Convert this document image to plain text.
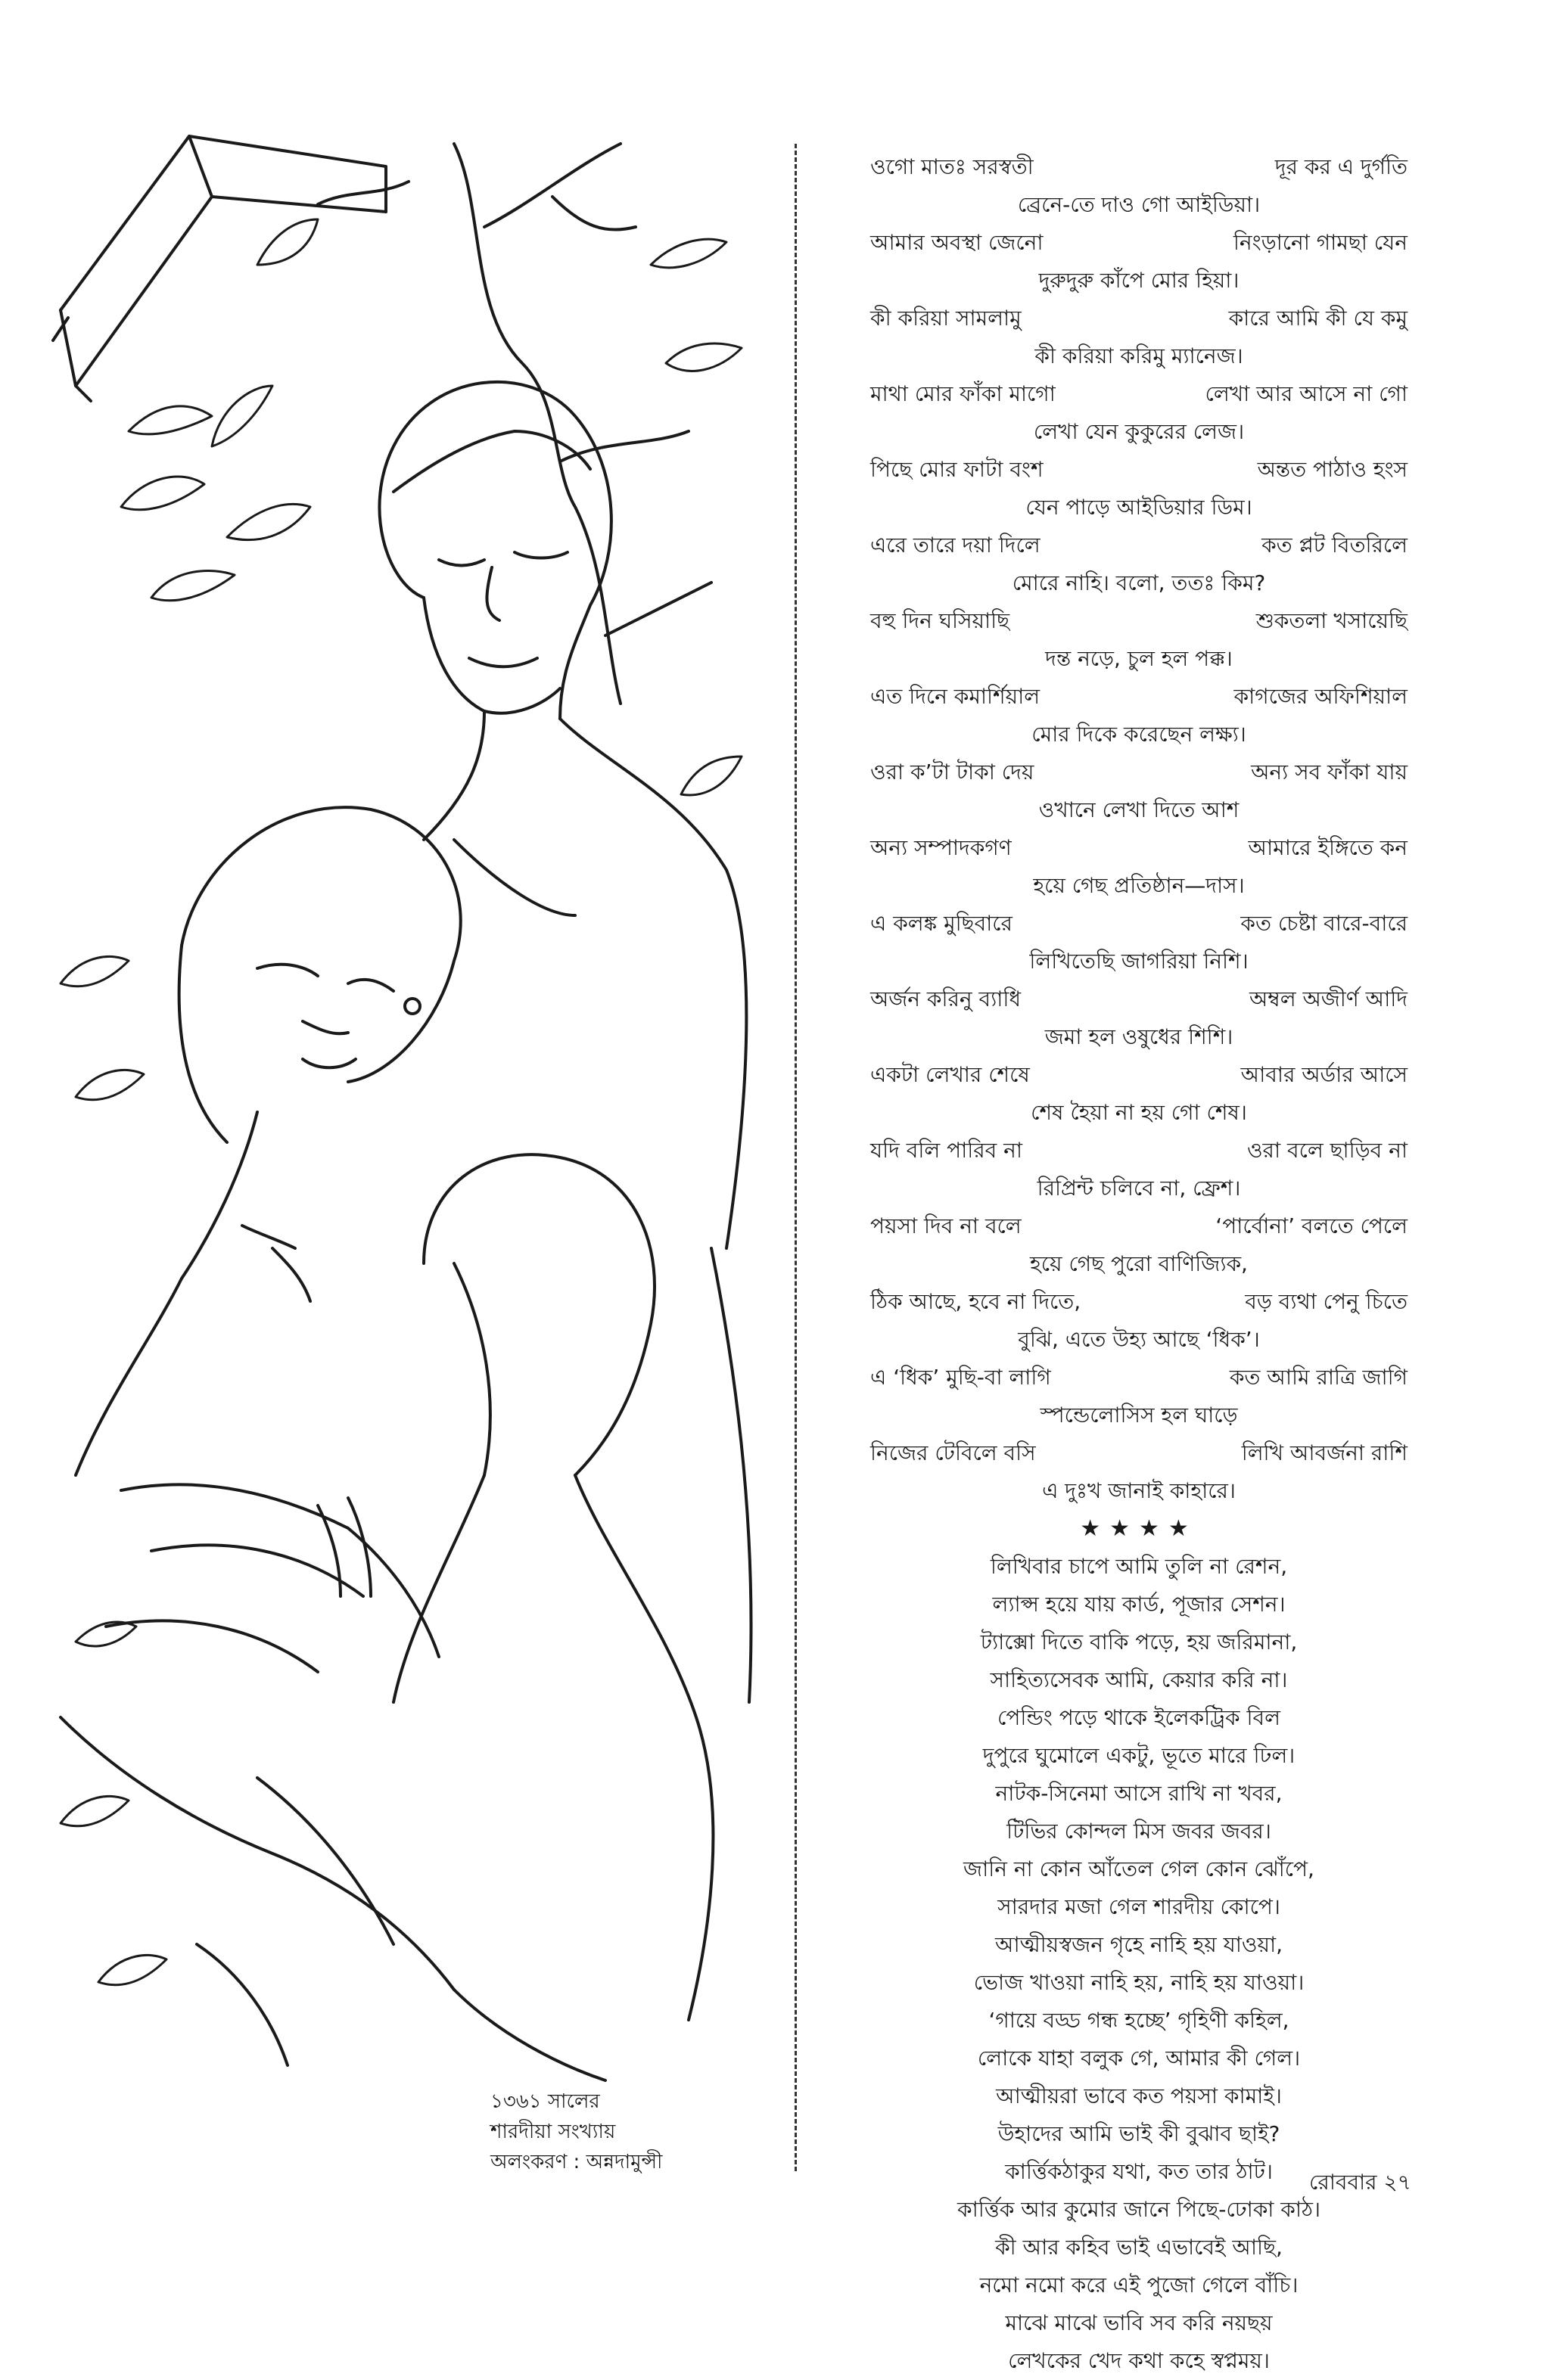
১৩৬১ সালের
শারদীয়া সংখ্যায়
অলংকরণ : অন্নদামুন্সী
ওগো মাতঃ সরস্বতী	দূর কর এ দুর্গতি
ব্রেনে-তে দাও গো আইডিয়া।
আমার অবস্থা জেনো	নিংড়ানো গামছা যেন
দুরুদুরু কাঁপে মোর হিয়া।
কী করিয়া সামলামু	কারে আমি কী যে কমু
কী করিয়া করিমু ম্যানেজ।
মাথা মোর ফাঁকা মাগো	লেখা আর আসে না গো
লেখা যেন কুকুরের লেজ।
পিছে মোর ফাটা বংশ	অন্তত পাঠাও হংস
যেন পাড়ে আইডিয়ার ডিম।
এরে তারে দয়া দিলে	কত প্লট বিতরিলে
মোরে নাহি। বলো, ততঃ কিম?
বহু দিন ঘসিয়াছি	শুকতলা খসায়েছি
দন্ত নড়ে, চুল হল পক্ক।
এত দিনে কমার্শিয়াল	কাগজের অফিশিয়াল
মোর দিকে করেছেন লক্ষ্য।
ওরা ক’টা টাকা দেয়	অন্য সব ফাঁকা যায়
ওখানে লেখা দিতে আশ
অন্য সম্পাদকগণ	আমারে ইঙ্গিতে কন
হয়ে গেছ প্রতিষ্ঠান—দাস।
এ কলঙ্ক মুছিবারে	কত চেষ্টা বারে-বারে
লিখিতেছি জাগরিয়া নিশি।
অর্জন করিনু ব্যাধি	অম্বল অজীর্ণ আদি
জমা হল ওষুধের শিশি।
একটা লেখার শেষে	আবার অর্ডার আসে
শেষ হৈয়া না হয় গো শেষ।
যদি বলি পারিব না	ওরা বলে ছাড়িব না
রিপ্রিন্ট চলিবে না, ফ্রেশ।
পয়সা দিব না বলে	‘পার্বোনা’ বলতে পেলে
হয়ে গেছ পুরো বাণিজ্যিক,
ঠিক আছে, হবে না দিতে,	বড় ব্যথা পেনু চিতে
বুঝি, এতে উহ্য আছে ‘ধিক’।
এ ‘ধিক’ মুছি-বা লাগি	কত আমি রাত্রি জাগি
স্পন্ডেলোসিস হল ঘাড়ে
নিজের টেবিলে বসি	লিখি আবর্জনা রাশি
এ দুঃখ জানাই কাহারে।
★★★★
লিখিবার চাপে আমি তুলি না রেশন,
ল্যাপ্স হয়ে যায় কার্ড, পূজার সেশন।
ট্যাক্সো দিতে বাকি পড়ে, হয় জরিমানা,
সাহিত্যসেবক আমি, কেয়ার করি না।
পেন্ডিং পড়ে থাকে ইলেকট্রিক বিল
দুপুরে ঘুমোলে একটু, ভূতে মারে ঢিল।
নাটক-সিনেমা আসে রাখি না খবর,
টিভির কোন্দল মিস জবর জবর।
জানি না কোন আঁতেল গেল কোন ঝোঁপে,
সারদার মজা গেল শারদীয় কোপে।
আত্মীয়স্বজন গৃহে নাহি হয় যাওয়া,
ভোজ খাওয়া নাহি হয়, নাহি হয় যাওয়া।
‘গায়ে বড্ড গন্ধ হচ্ছে’ গৃহিণী কহিল,
লোকে যাহা বলুক গে, আমার কী গেল।
আত্মীয়রা ভাবে কত পয়সা কামাই।
উহাদের আমি ভাই কী বুঝাব ছাই?
কার্ত্তিকঠাকুর যথা, কত তার ঠাট।
কার্ত্তিক আর কুমোর জানে পিছে-ঢোকা কাঠ।
কী আর কহিব ভাই এভাবেই আছি,
নমো নমো করে এই পুজো গেলে বাঁচি।
মাঝে মাঝে ভাবি সব করি নয়ছয়
লেখকের খেদ কথা কহে স্বপ্নময়।
রোববার ২৭
